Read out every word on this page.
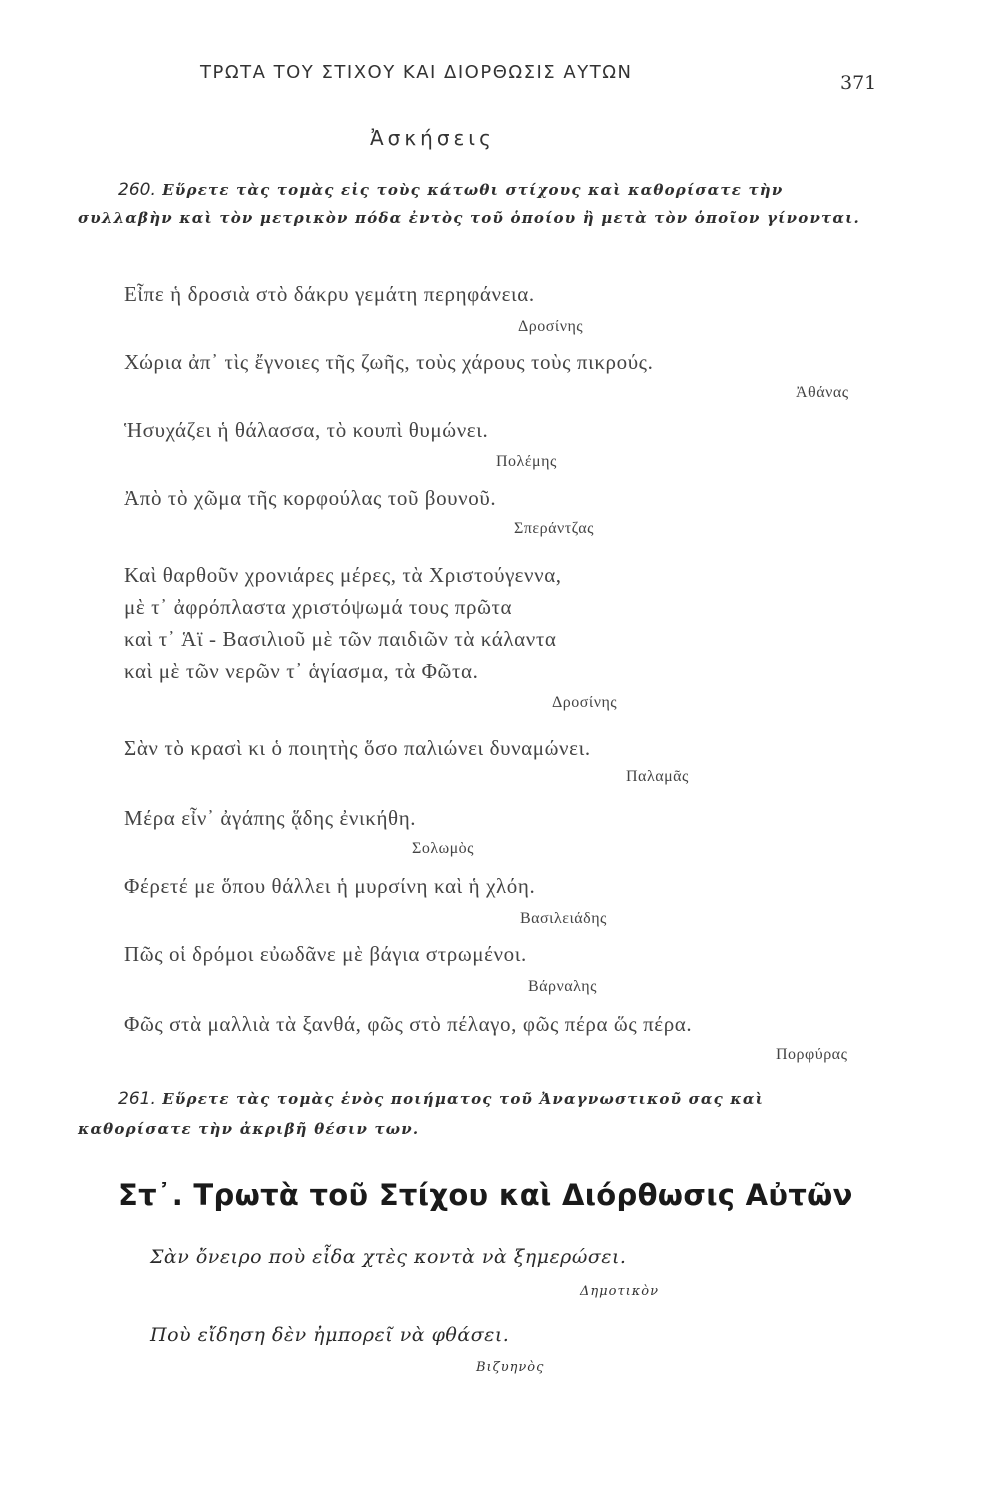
ΤΡΩΤΑ ΤΟΥ ΣΤΙΧΟΥ ΚΑΙ ΔΙΟΡΘΩΣΙΣ ΑΥΤΩΝ	371
Ἀσκήσεις
260. Εὕρετε τὰς τομὰς εἰς τοὺς κάτωθι στίχους καὶ καθορίσατε τὴν συλλαβὴν καὶ τὸν μετρικὸν πόδα ἐντὸς τοῦ ὁποίου ἢ μετὰ τὸν ὁποῖον γίνονται.
Εἶπε ἡ δροσιὰ στὸ δάκρυ γεμάτη περηφάνεια.
Δροσίνης
Χώρια ἀπ᾿ τὶς ἔγνοιες τῆς ζωῆς, τοὺς χάρους τοὺς πικρούς.
Ἀθάνας
Ἡσυχάζει ἡ θάλασσα, τὸ κουπὶ θυμώνει.
Πολέμης
Ἀπὸ τὸ χῶμα τῆς κορφούλας τοῦ βουνοῦ.
Σπεράντζας
Καὶ θαρθοῦν χρονιάρες μέρες, τὰ Χριστούγεννα,
μὲ τ᾿ ἀφρόπλαστα χριστόψωμά τους πρῶτα
καὶ τ᾿ Ἁϊ - Βασιλιοῦ μὲ τῶν παιδιῶν τὰ κάλαντα
καὶ μὲ τῶν νερῶν τ᾿ ἁγίασμα, τὰ Φῶτα.
Δροσίνης
Σὰν τὸ κρασὶ κι ὁ ποιητὴς ὅσο παλιώνει δυναμώνει.
Παλαμᾶς
Μέρα εἶν᾿ ἀγάπης ᾅδης ἐνικήθη.
Σολωμὸς
Φέρετέ με ὅπου θάλλει ἡ μυρσίνη καὶ ἡ χλόη.
Βασιλειάδης
Πῶς οἱ δρόμοι εὐωδᾶνε μὲ βάγια στρωμένοι.
Βάρναλης
Φῶς στὰ μαλλιὰ τὰ ξανθά, φῶς στὸ πέλαγο, φῶς πέρα ὥς πέρα.
Πορφύρας
261. Εὕρετε τὰς τομὰς ἑνὸς ποιήματος τοῦ Ἀναγνωστικοῦ σας καὶ καθορίσατε τὴν ἀκριβῆ θέσιν των.
Στ᾿. Τρωτὰ τοῦ Στίχου καὶ Διόρθωσις Αὐτῶν
Σὰν ὄνειρο ποὺ εἶδα χτὲς κοντὰ νὰ ξημερώσει.
Δημοτικὸν
Ποὺ εἴδηση δὲν ἠμπορεῖ νὰ φθάσει.
Βιζυηνὸς
